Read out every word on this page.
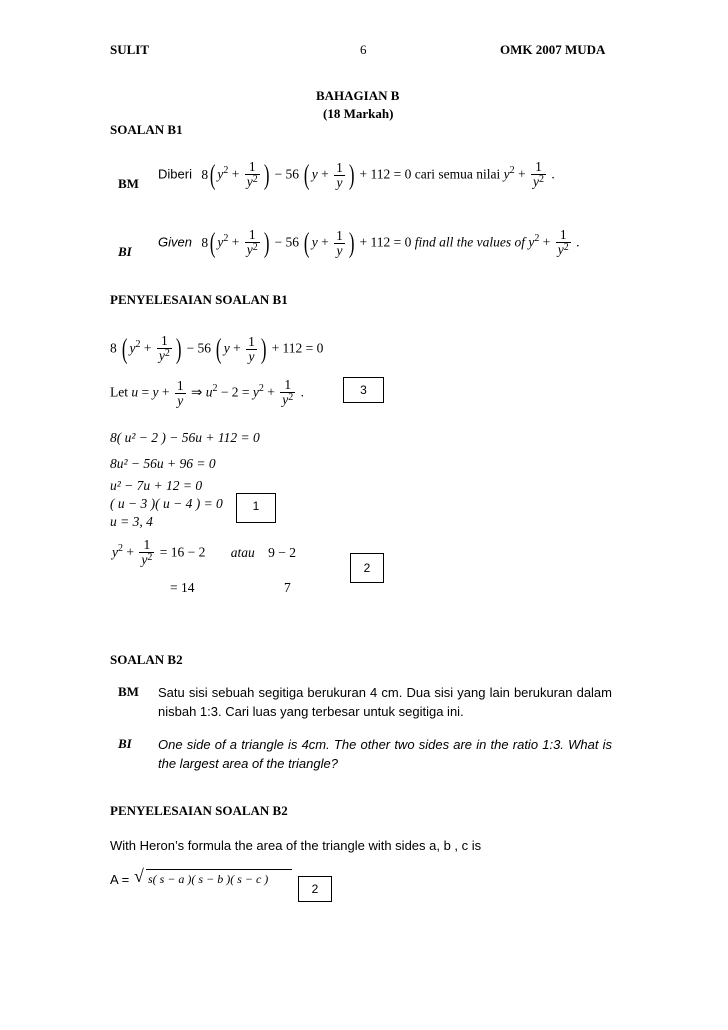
SULIT	6	OMK 2007 MUDA
BAHAGIAN B
(18 Markah)
SOALAN B1
BM
Diberi 8( $y^2 + \frac{1}{y^2}$ ) − 56 ( $y + \frac{1}{y}$ ) + 112 = 0 cari semua nilai $y^2 + \frac{1}{y^2}$ .
BI
Given 8( $y^2 + \frac{1}{y^2}$ ) − 56 ( $y + \frac{1}{y}$ ) + 112 = 0 find all the values of $y^2 + \frac{1}{y^2}$ .
PENYELESAIAN SOALAN B1
8 ( $y^2 + \frac{1}{y^2}$ ) − 56 ( $y + \frac{1}{y}$ ) + 112 = 0
Let $u = y + \frac{1}{y}$ ⇒ $u^2 - 2 = y^2 + \frac{1}{y^2}$ .	3
8( u² − 2 ) − 56u + 112 = 0
8u² − 56u + 96 = 0
u² − 7u + 12 = 0
( u − 3 )( u − 4 ) = 0
u = 3, 4
1
$y^2 + \frac{1}{y^2} = 16 - 2$ atau 9 − 2
= 14	7
2
SOALAN B2
BM Satu sisi sebuah segitiga berukuran 4 cm. Dua sisi yang lain berukuran dalam nisbah 1:3. Cari luas yang terbesar untuk segitiga ini.
BI One side of a triangle is 4cm. The other two sides are in the ratio 1:3. What is the largest area of the triangle?
PENYELESAIAN SOALAN B2
With Heron’s formula the area of the triangle with sides a, b , c is
A = √ s( s − a )( s − b )( s − c )
2
